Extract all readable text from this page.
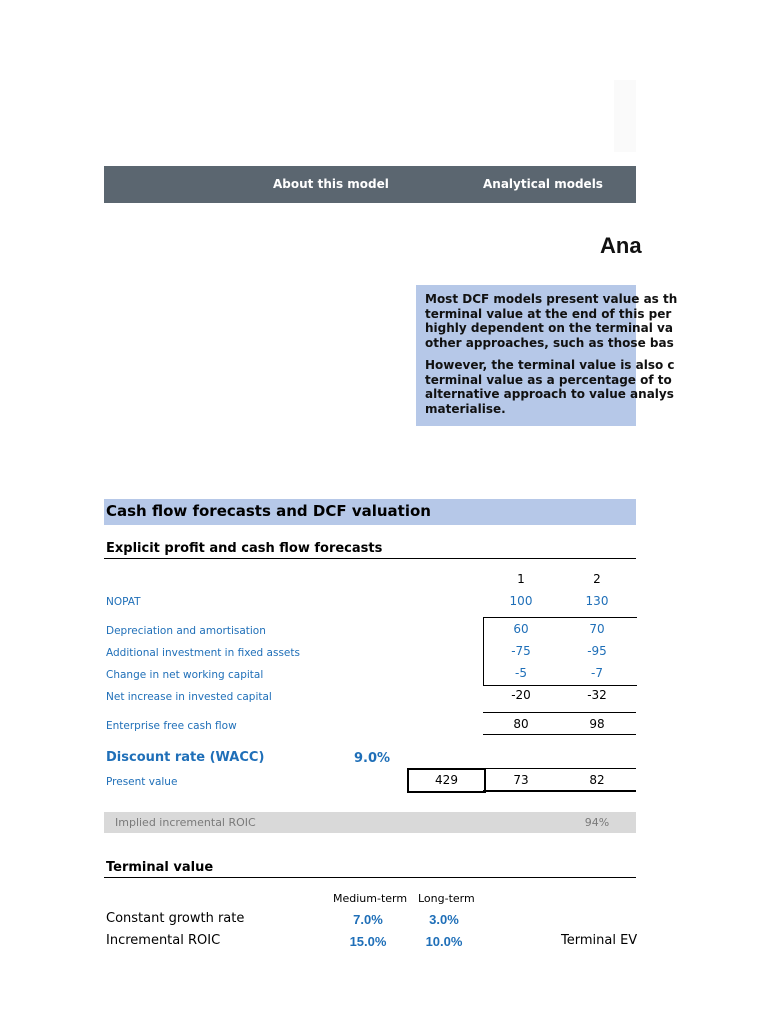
About this model	Analytical models
Ana

Most DCF models present value as th

terminal value at the end of this per

highly dependent on the terminal va

other approaches, such as those bas

However, the terminal value is also c

terminal value as a percentage of to

alternative approach to value analys

materialise.

Cash flow forecasts and DCF valuation
Explicit profit and cash flow forecasts
1	2
NOPAT	100	130
Depreciation and amortisation	60	70
Additional investment in fixed assets	-75	-95
Change in net working capital	-5	-7
Net increase in invested capital	-20	-32
Enterprise free cash flow	80	98
Discount rate (WACC)	9.0%
Present value	429	73	82
Implied incremental ROIC	94%
Terminal value
Medium-term Long-term
Constant growth rate	7.0%	3.0%
Incremental ROIC	15.0%	10.0%	Terminal EV
